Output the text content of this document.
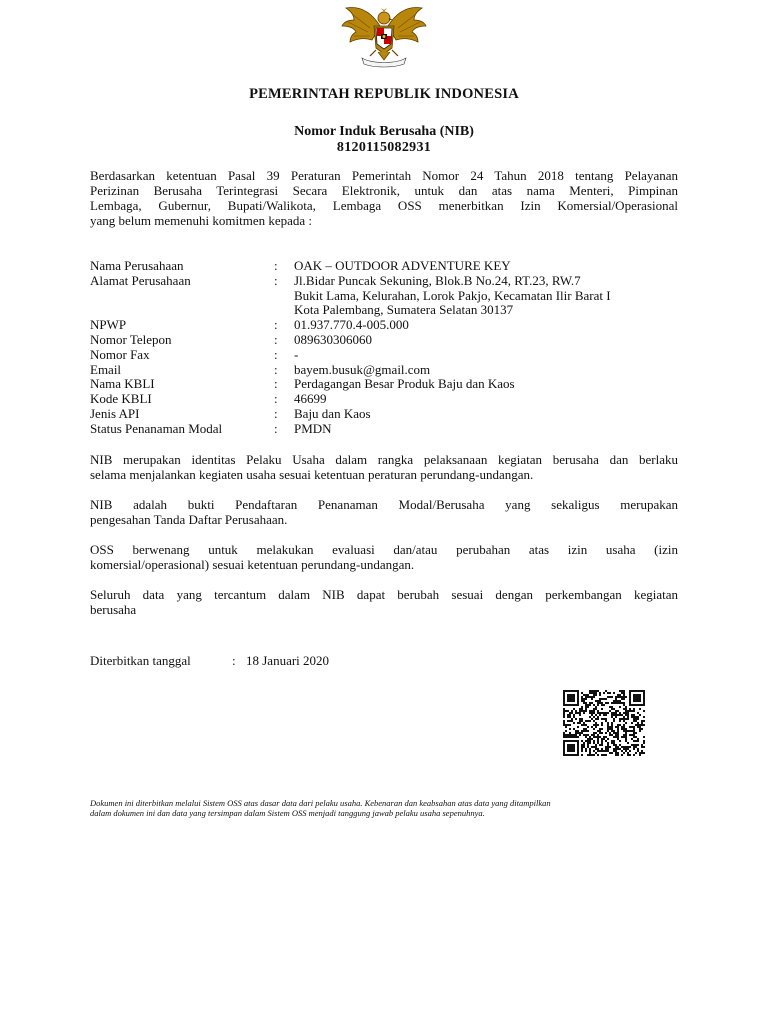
PEMERINTAH REPUBLIK INDONESIA
Nomor Induk Berusaha (NIB)
8120115082931
Berdasarkan ketentuan Pasal 39 Peraturan Pemerintah Nomor 24 Tahun 2018 tentang Pelayanan
Perizinan Berusaha Terintegrasi Secara Elektronik, untuk dan atas nama Menteri, Pimpinan
Lembaga, Gubernur, Bupati/Walikota, Lembaga OSS menerbitkan Izin Komersial/Operasional
yang belum memenuhi komitmen kepada :
Nama Perusahaan	:	OAK – OUTDOOR ADVENTURE KEY
Alamat Perusahaan	:	Jl.Bidar Puncak Sekuning, Blok.B No.24, RT.23, RW.7
Bukit Lama, Kelurahan, Lorok Pakjo, Kecamatan Ilir Barat I
Kota Palembang, Sumatera Selatan 30137
NPWP	:	01.937.770.4-005.000
Nomor Telepon	:	089630306060
Nomor Fax	:	-
Email	:	bayem.busuk@gmail.com
Nama KBLI	:	Perdagangan Besar Produk Baju dan Kaos
Kode KBLI	:	46699
Jenis API	:	Baju dan Kaos
Status Penanaman Modal	:	PMDN
NIB merupakan identitas Pelaku Usaha dalam rangka pelaksanaan kegiatan berusaha dan berlaku
selama menjalankan kegiaten usaha sesuai ketentuan peraturan perundang-undangan.
NIB adalah bukti Pendaftaran Penanaman Modal/Berusaha yang sekaligus merupakan
pengesahan Tanda Daftar Perusahaan.
OSS berwenang untuk melakukan evaluasi dan/atau perubahan atas izin usaha (izin
komersial/operasional) sesuai ketentuan perundang-undangan.
Seluruh data yang tercantum dalam NIB dapat berubah sesuai dengan perkembangan kegiatan
berusaha
Diterbitkan tanggal	: 18 Januari 2020
Dokumen ini diterbitkan melalui Sistem OSS atas dasar data dari pelaku usaha. Kebenaran dan keabsahan atas data yang ditampilkan
dalam dokumen ini dan data yang tersimpan dalam Sistem OSS menjadi tanggung jawab pelaku usaha sepenuhnya.
